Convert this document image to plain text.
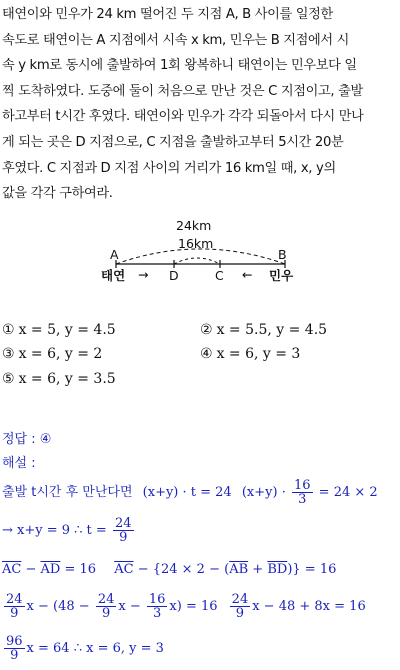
태연이와 민우가 24 km 떨어진 두 지점 A, B 사이를 일정한
속도로 태연이는 A 지점에서 시속 x km, 민우는 B 지점에서 시
속 y km로 동시에 출발하여 1회 왕복하니 태연이는 민우보다 일
찍 도착하였다. 도중에 둘이 처음으로 만난 것은 C 지점이고, 출발
하고부터 t시간 후였다. 태연이와 민우가 각각 되돌아서 다시 만나
게 되는 곳은 D 지점으로, C 지점을 출발하고부터 5시간 20분
후였다. C 지점과 D 지점 사이의 거리가 16 km일 때, x, y의
값을 각각 구하여라.
24km
16km
A	B
D	C
태연	민우
→	←
① x = 5, y = 4.5	② x = 5.5, y = 4.5
③ x = 6, y = 2	④ x = 6, y = 3
⑤ x = 6, y = 3.5
정답 : ④
해설 :
출발 t시간 후 만난다면 (x+y) · t = 24 $(x+y) \cdot \frac{16}{3} = 24 \times 2$
→ x+y = 9 ∴ $t = \frac{24}{9}$
$\overline{AC} - \overline{AD} = 16$ $\overline{AC} - \{24 \times 2 - (\overline{AB} + \overline{BD})\} = 16$
$\frac{24}{9}$ $x - (48 - \frac{24}{9}$ $x - \frac{16}{3} x) = 16 \frac{24}{9}$ x − 48 + 8x = 16
$\frac{96}{9}$ x = 64 ∴ x = 6, y = 3
